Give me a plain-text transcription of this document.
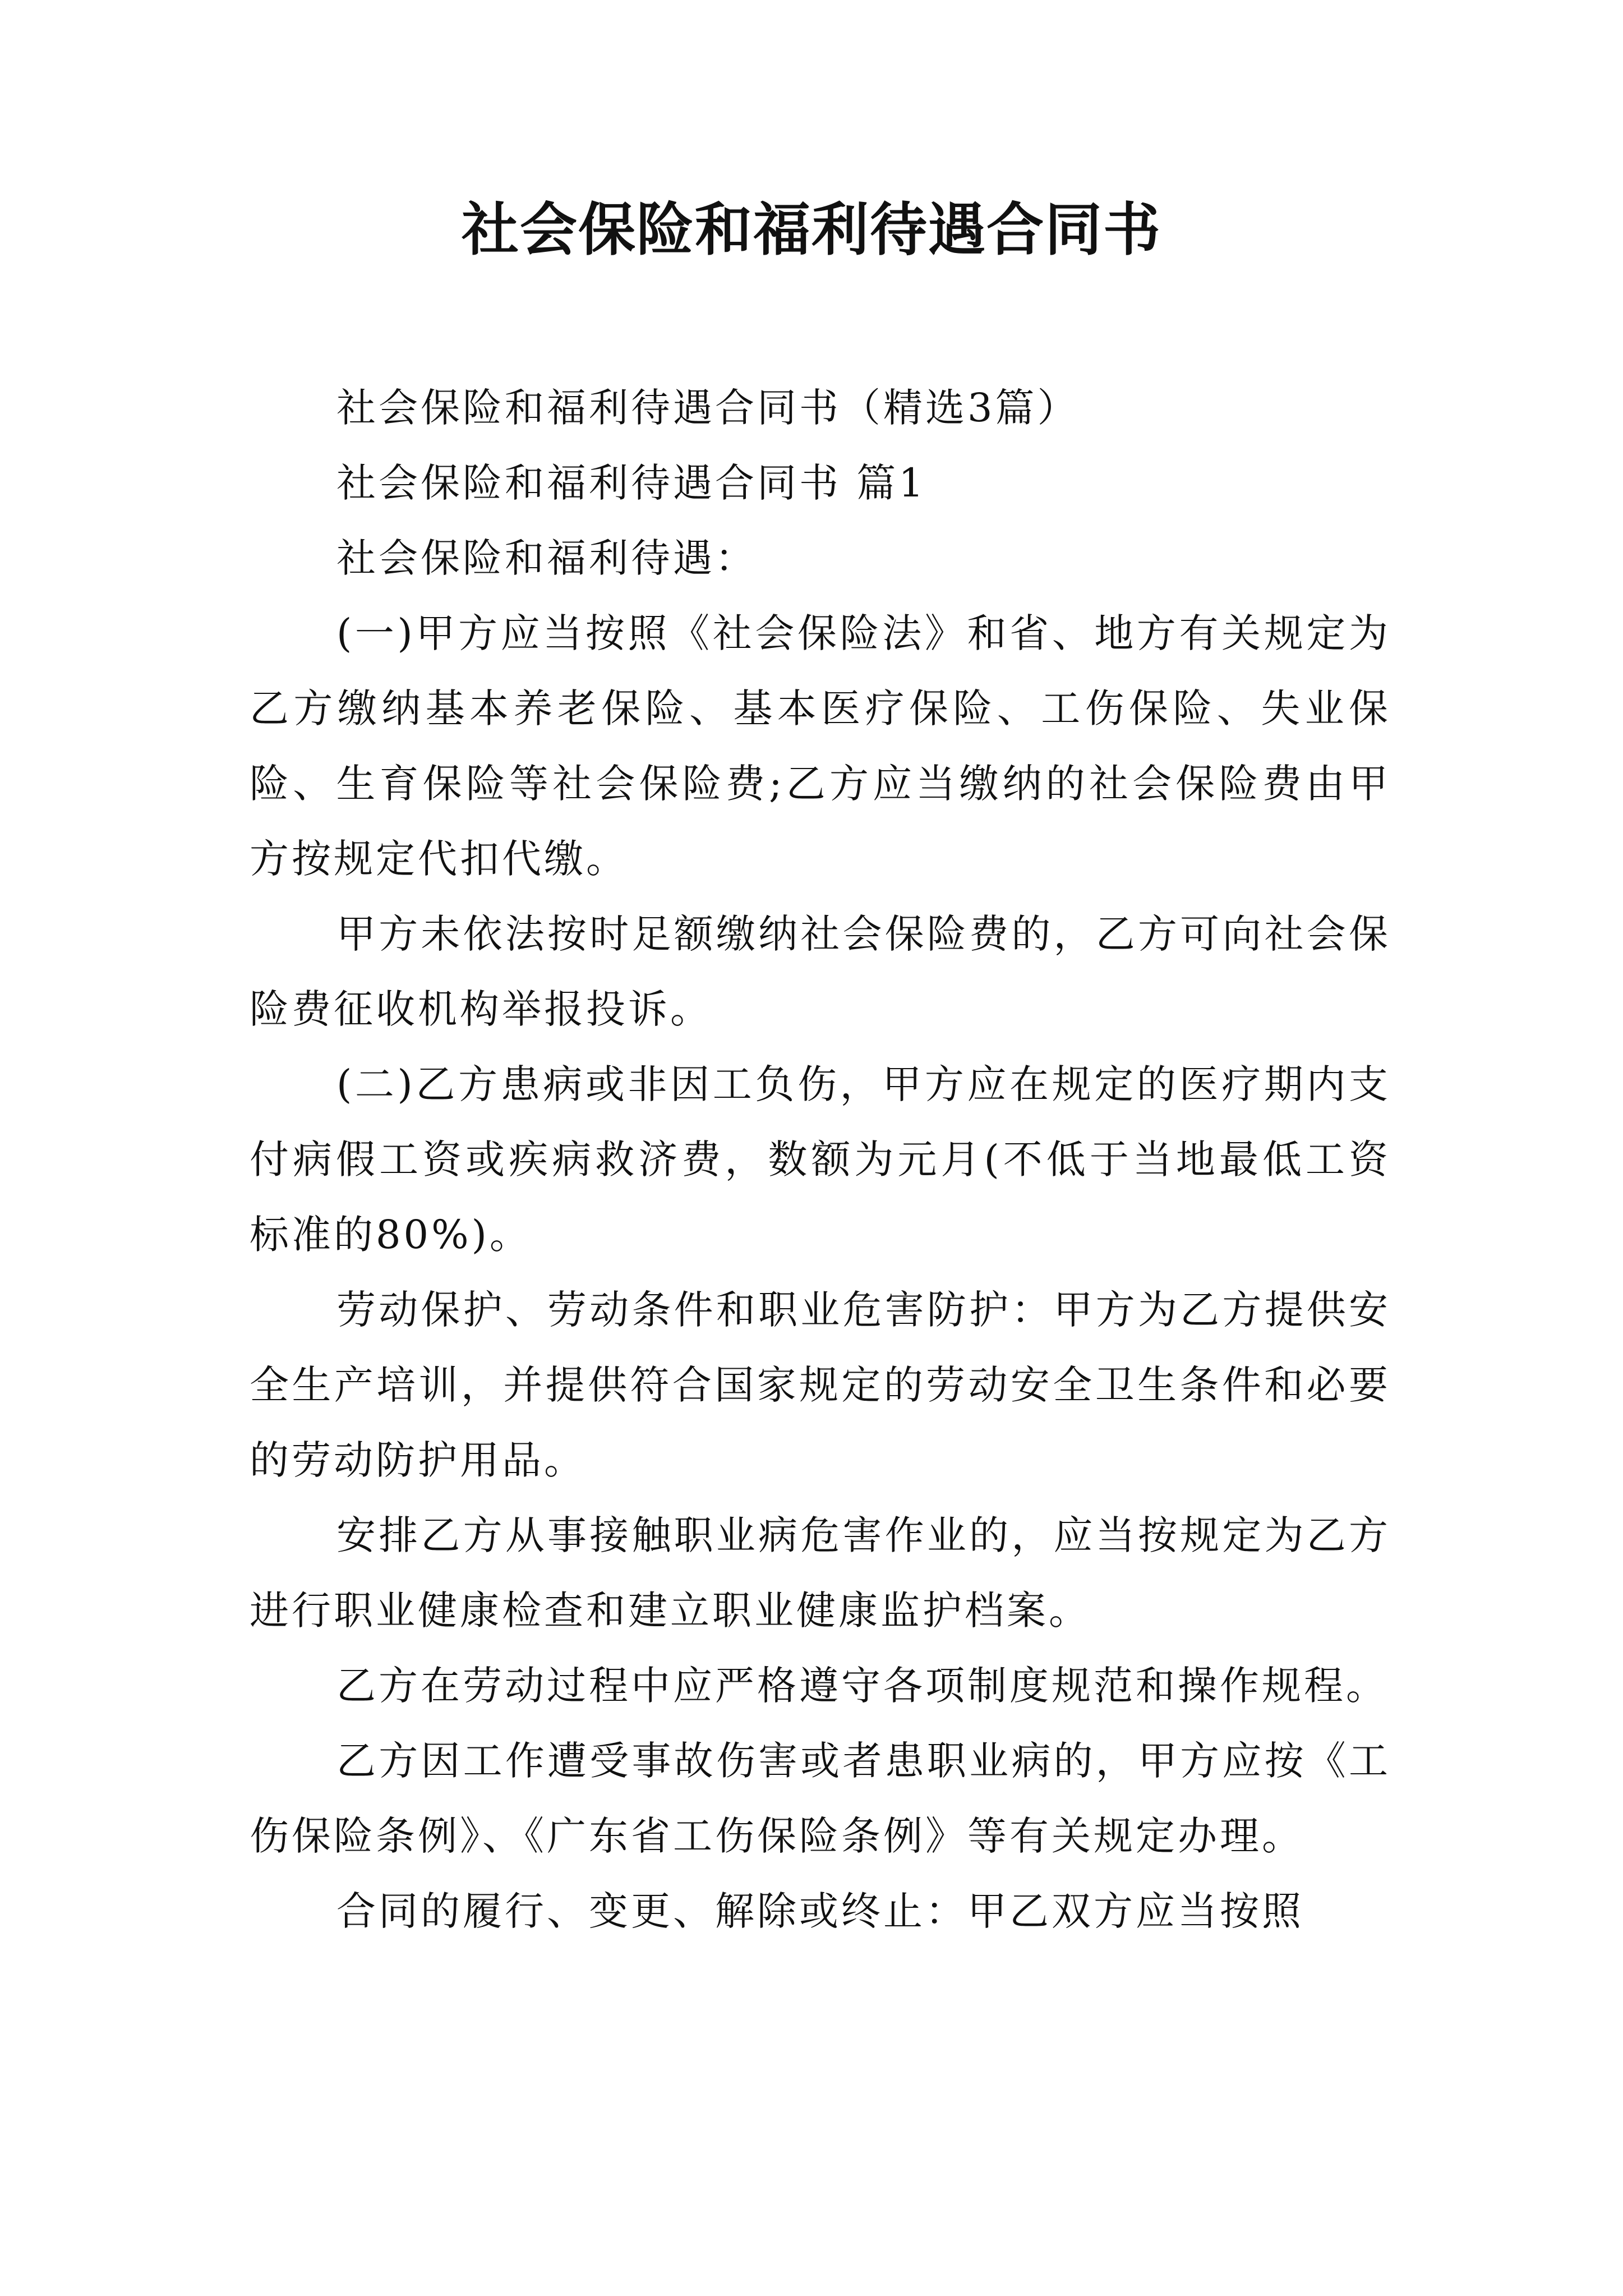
社会保险和福利待遇合同书

社会保险和福利待遇合同书（精选3篇）

社会保险和福利待遇合同书 篇1

社会保险和福利待遇：

(一)甲方应当按照《社会保险法》和省、地方有关规定为乙方缴纳基本养老保险、基本医疗保险、工伤保险、失业保险、生育保险等社会保险费;乙方应当缴纳的社会保险费由甲方按规定代扣代缴。

甲方未依法按时足额缴纳社会保险费的，乙方可向社会保险费征收机构举报投诉。

(二)乙方患病或非因工负伤，甲方应在规定的医疗期内支付病假工资或疾病救济费，数额为元月(不低于当地最低工资标准的80%)。

劳动保护、劳动条件和职业危害防护：甲方为乙方提供安全生产培训，并提供符合国家规定的劳动安全卫生条件和必要的劳动防护用品。

安排乙方从事接触职业病危害作业的，应当按规定为乙方进行职业健康检查和建立职业健康监护档案。

乙方在劳动过程中应严格遵守各项制度规范和操作规程。

乙方因工作遭受事故伤害或者患职业病的，甲方应按《工伤保险条例》、《广东省工伤保险条例》等有关规定办理。

合同的履行、变更、解除或终止：甲乙双方应当按照
